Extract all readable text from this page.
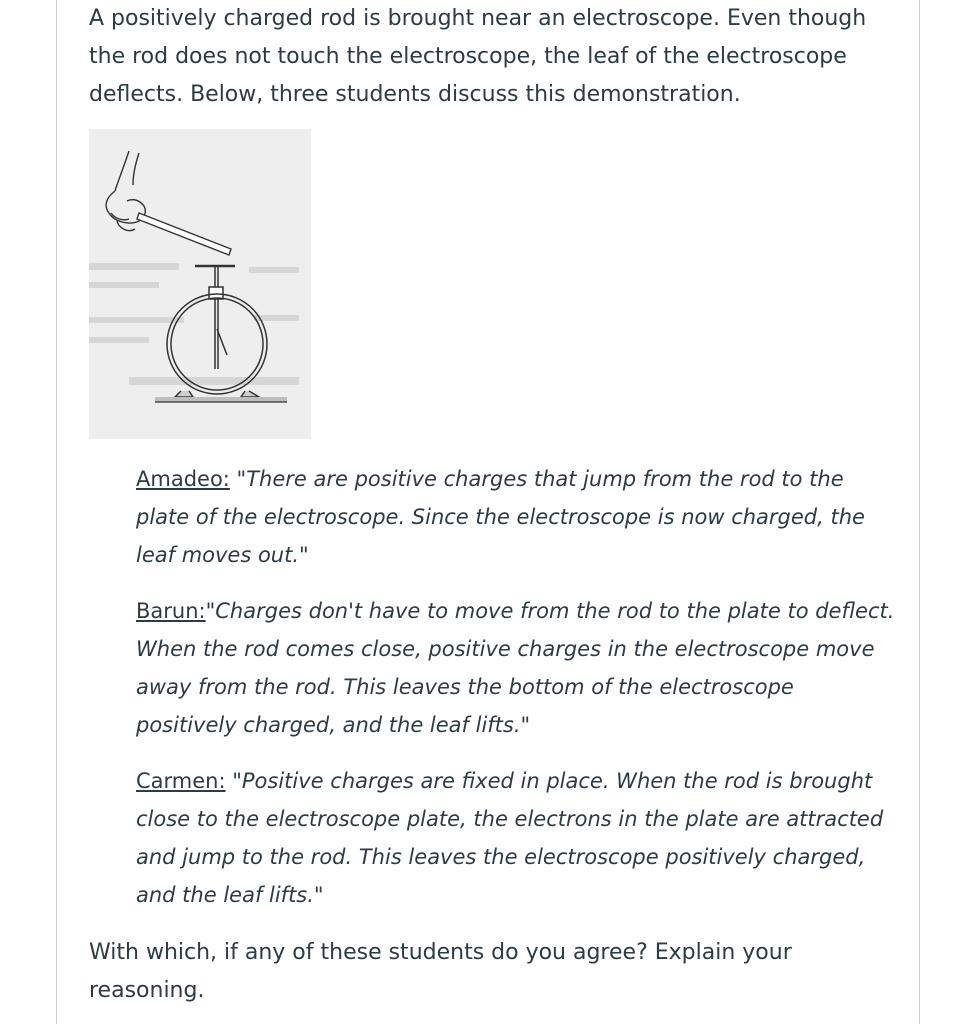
A positively charged rod is brought near an electroscope. Even though the rod does not touch the electroscope, the leaf of the electroscope deflects. Below, three students discuss this demonstration.

Amadeo: "There are positive charges that jump from the rod to the plate of the electroscope. Since the electroscope is now charged, the leaf moves out."

Barun:"Charges don't have to move from the rod to the plate to deflect. When the rod comes close, positive charges in the electroscope move away from the rod. This leaves the bottom of the electroscope positively charged, and the leaf lifts."

Carmen: "Positive charges are fixed in place. When the rod is brought close to the electroscope plate, the electrons in the plate are attracted and jump to the rod. This leaves the electroscope positively charged, and the leaf lifts."

With which, if any of these students do you agree? Explain your reasoning.
